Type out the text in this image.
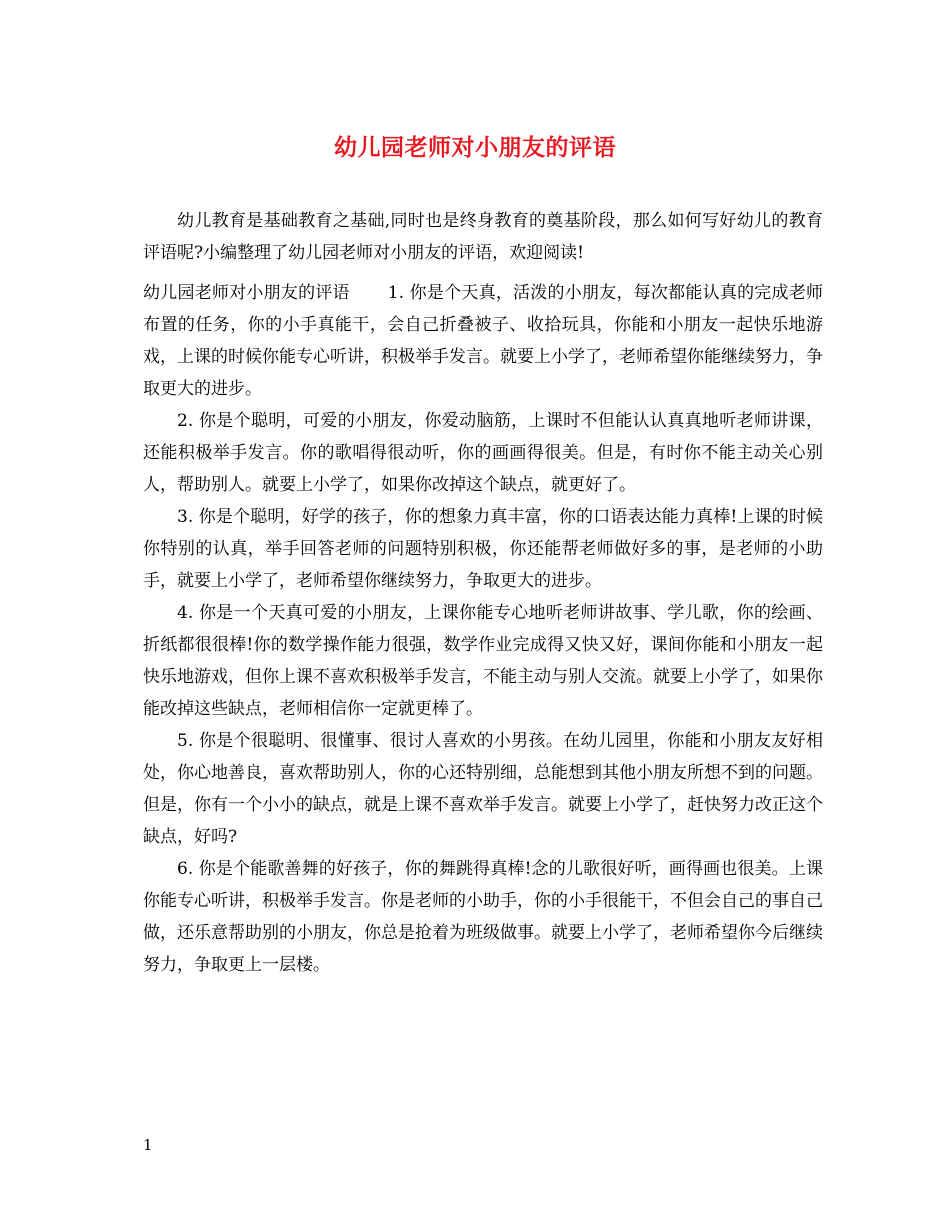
幼儿园老师对小朋友的评语

幼儿教育是基础教育之基础,同时也是终身教育的奠基阶段，那么如何写好幼儿的教育评语呢?小编整理了幼儿园老师对小朋友的评语，欢迎阅读!

幼儿园老师对小朋友的评语 1. 你是个天真，活泼的小朋友，每次都能认真的完成老师布置的任务，你的小手真能干，会自己折叠被子、收拾玩具，你能和小朋友一起快乐地游戏，上课的时候你能专心听讲，积极举手发言。就要上小学了，老师希望你能继续努力，争取更大的进步。

2. 你是个聪明，可爱的小朋友，你爱动脑筋，上课时不但能认认真真地听老师讲课，还能积极举手发言。你的歌唱得很动听，你的画画得很美。但是，有时你不能主动关心别人，帮助别人。就要上小学了，如果你改掉这个缺点，就更好了。

3. 你是个聪明，好学的孩子，你的想象力真丰富，你的口语表达能力真棒!上课的时候你特别的认真，举手回答老师的问题特别积极，你还能帮老师做好多的事，是老师的小助手，就要上小学了，老师希望你继续努力，争取更大的进步。

4. 你是一个天真可爱的小朋友，上课你能专心地听老师讲故事、学儿歌，你的绘画、折纸都很很棒!你的数学操作能力很强，数学作业完成得又快又好，课间你能和小朋友一起快乐地游戏，但你上课不喜欢积极举手发言，不能主动与别人交流。就要上小学了，如果你能改掉这些缺点，老师相信你一定就更棒了。

5. 你是个很聪明、很懂事、很讨人喜欢的小男孩。在幼儿园里，你能和小朋友友好相处，你心地善良，喜欢帮助别人，你的心还特别细，总能想到其他小朋友所想不到的问题。但是，你有一个小小的缺点，就是上课不喜欢举手发言。就要上小学了，赶快努力改正这个缺点，好吗?

6. 你是个能歌善舞的好孩子，你的舞跳得真棒!念的儿歌很好听，画得画也很美。上课你能专心听讲，积极举手发言。你是老师的小助手，你的小手很能干，不但会自己的事自己做，还乐意帮助别的小朋友，你总是抢着为班级做事。就要上小学了，老师希望你今后继续努力，争取更上一层楼。

1
